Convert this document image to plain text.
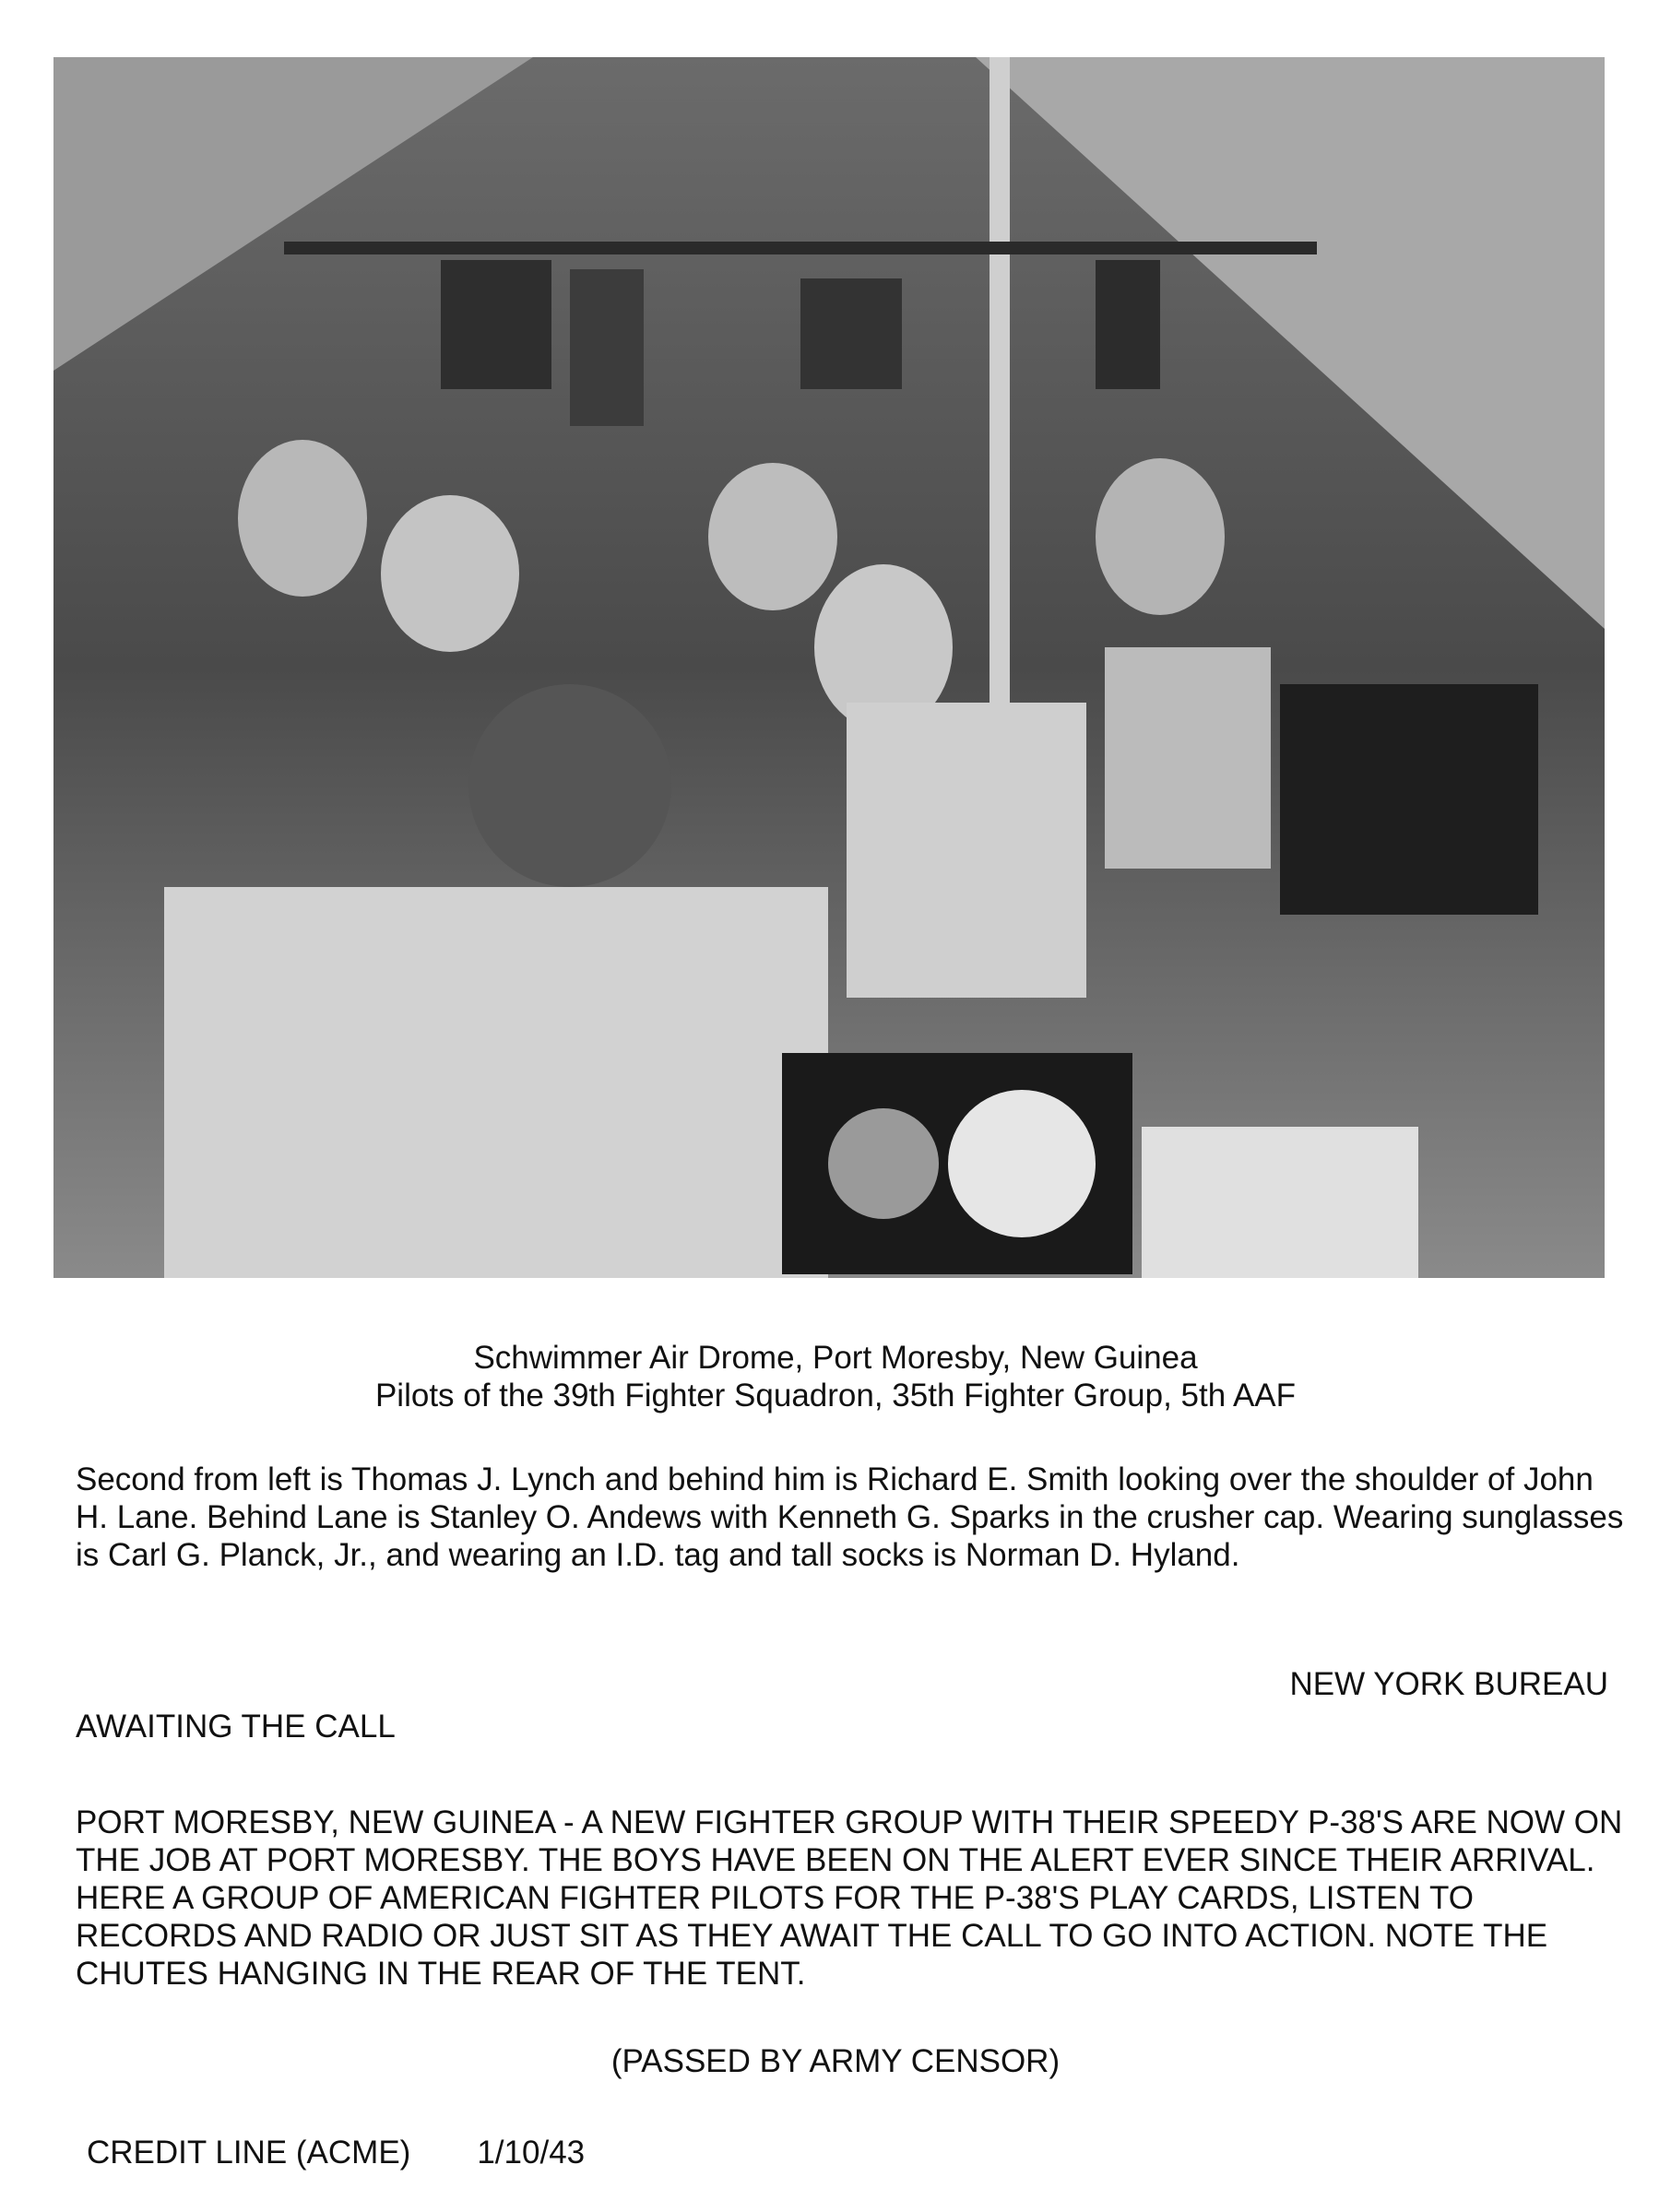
Schwimmer Air Drome, Port Moresby, New Guinea
Pilots of the 39th Fighter Squadron, 35th Fighter Group, 5th AAF

Second from left is Thomas J. Lynch and behind him is Richard E. Smith looking over the shoulder of John H. Lane. Behind Lane is Stanley O. Andews with Kenneth G. Sparks in the crusher cap. Wearing sunglasses is Carl G. Planck, Jr., and wearing an I.D. tag and tall socks is Norman D. Hyland.

NEW YORK BUREAU

AWAITING THE CALL

PORT MORESBY, NEW GUINEA - A NEW FIGHTER GROUP WITH THEIR SPEEDY P-38'S ARE NOW ON THE JOB AT PORT MORESBY. THE BOYS HAVE BEEN ON THE ALERT EVER SINCE THEIR ARRIVAL. HERE A GROUP OF AMERICAN FIGHTER PILOTS FOR THE P-38'S PLAY CARDS, LISTEN TO RECORDS AND RADIO OR JUST SIT AS THEY AWAIT THE CALL TO GO INTO ACTION. NOTE THE CHUTES HANGING IN THE REAR OF THE TENT.

(PASSED BY ARMY CENSOR)

CREDIT LINE (ACME) 1/10/43
